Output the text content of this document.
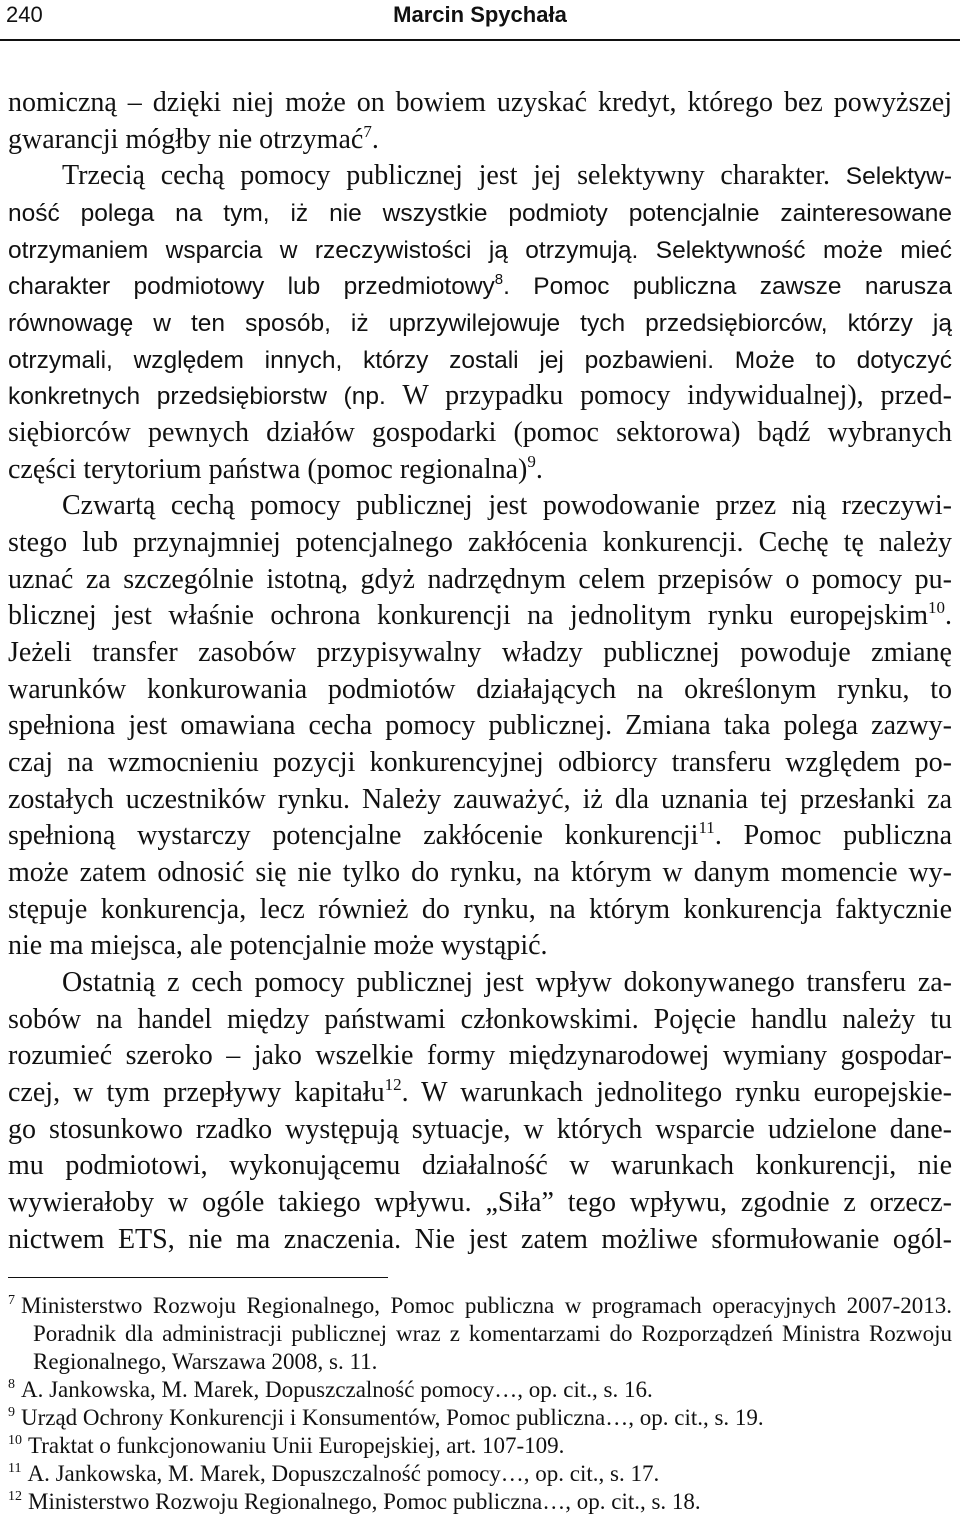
240	Marcin Spychała
nomiczną – dzięki niej może on bowiem uzyskać kredyt, którego bez powyższej
gwarancji mógłby nie otrzymać$^7$.
Trzecią cechą pomocy publicznej jest jej selektywny charakter. Selektyw-
ność polega na tym, iż nie wszystkie podmioty potencjalnie zainteresowane
otrzymaniem wsparcia w rzeczywistości ją otrzymują. Selektywność może mieć
charakter podmiotowy lub przedmiotowy$^8$. Pomoc publiczna zawsze narusza
równowagę w ten sposób, iż uprzywilejowuje tych przedsiębiorców, którzy ją
otrzymali, względem innych, którzy zostali jej pozbawieni. Może to dotyczyć
konkretnych przedsiębiorstw (np. W przypadku pomocy indywidualnej), przed-
siębiorców pewnych działów gospodarki (pomoc sektorowa) bądź wybranych
części terytorium państwa (pomoc regionalna)$^9$.
Czwartą cechą pomocy publicznej jest powodowanie przez nią rzeczywi-
stego lub przynajmniej potencjalnego zakłócenia konkurencji. Cechę tę należy
uznać za szczególnie istotną, gdyż nadrzędnym celem przepisów o pomocy pu-
blicznej jest właśnie ochrona konkurencji na jednolitym rynku europejskim$^{10}$.
Jeżeli transfer zasobów przypisywalny władzy publicznej powoduje zmianę
warunków konkurowania podmiotów działających na określonym rynku, to
spełniona jest omawiana cecha pomocy publicznej. Zmiana taka polega zazwy-
czaj na wzmocnieniu pozycji konkurencyjnej odbiorcy transferu względem po-
zostałych uczestników rynku. Należy zauważyć, iż dla uznania tej przesłanki za
spełnioną wystarczy potencjalne zakłócenie konkurencji$^{11}$. Pomoc publiczna
może zatem odnosić się nie tylko do rynku, na którym w danym momencie wy-
stępuje konkurencja, lecz również do rynku, na którym konkurencja faktycznie
nie ma miejsca, ale potencjalnie może wystąpić.
Ostatnią z cech pomocy publicznej jest wpływ dokonywanego transferu za-
sobów na handel między państwami członkowskimi. Pojęcie handlu należy tu
rozumieć szeroko – jako wszelkie formy międzynarodowej wymiany gospodar-
czej, w tym przepływy kapitału$^{12}$. W warunkach jednolitego rynku europejskie-
go stosunkowo rzadko występują sytuacje, w których wsparcie udzielone dane-
mu podmiotowi, wykonującemu działalność w warunkach konkurencji, nie
wywierałoby w ogóle takiego wpływu. „Siła” tego wpływu, zgodnie z orzecz-
nictwem ETS, nie ma znaczenia. Nie jest zatem możliwe sformułowanie ogól-
$^7$ Ministerstwo Rozwoju Regionalnego, Pomoc publiczna w programach operacyjnych 2007-2013.
Poradnik dla administracji publicznej wraz z komentarzami do Rozporządzeń Ministra Rozwoju
Regionalnego, Warszawa 2008, s. 11.
$^8$ A. Jankowska, M. Marek, Dopuszczalność pomocy…, op. cit., s. 16.
$^9$ Urząd Ochrony Konkurencji i Konsumentów, Pomoc publiczna…, op. cit., s. 19.
$^{10}$ Traktat o funkcjonowaniu Unii Europejskiej, art. 107-109.
$^{11}$ A. Jankowska, M. Marek, Dopuszczalność pomocy…, op. cit., s. 17.
$^{12}$ Ministerstwo Rozwoju Regionalnego, Pomoc publiczna…, op. cit., s. 18.
